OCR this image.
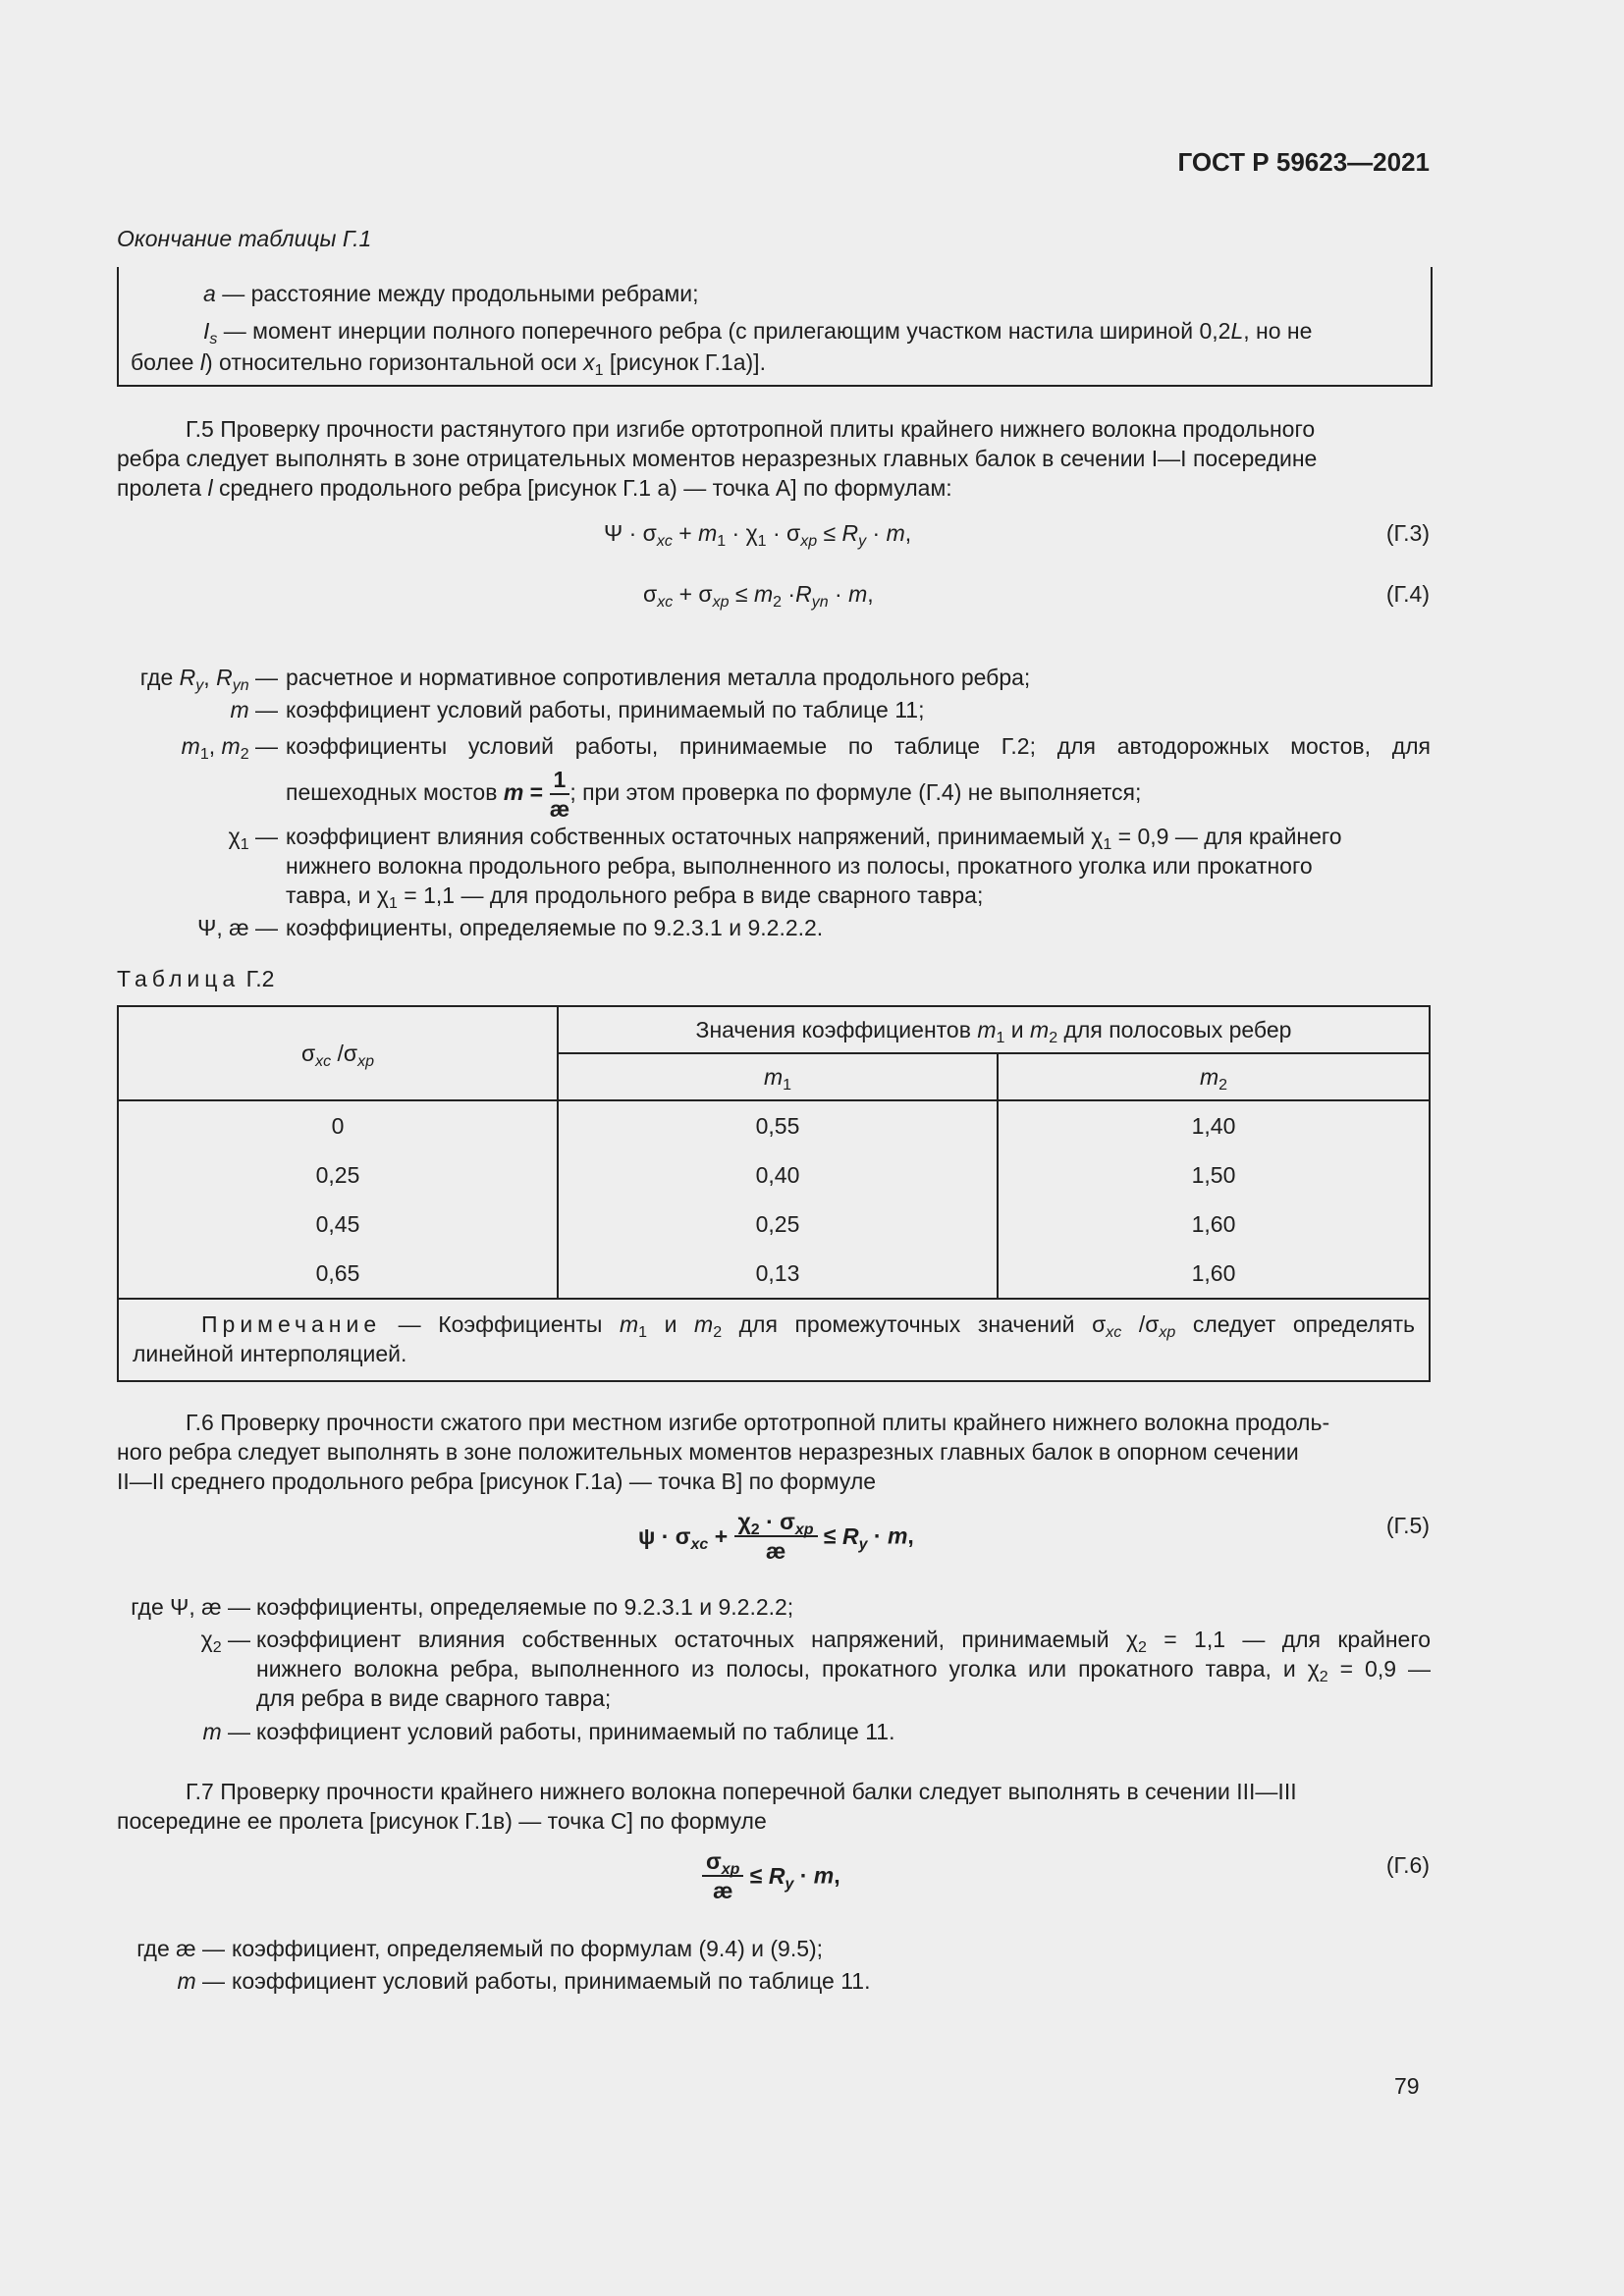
ГОСТ Р 59623—2021
Окончание таблицы Г.1

a — расстояние между продольными ребрами;

$I_s$ — момент инерции полного поперечного ребра (с прилегающим участком настила шириной 0,2L, но не

более l) относительно горизонтальной оси $x_1$ [рисунок Г.1а)].

Г.5 Проверку прочности растянутого при изгибе ортотропной плиты крайнего нижнего волокна продольного
ребра следует выполнять в зоне отрицательных моментов неразрезных главных балок в сечении I—I посередине
пролета l среднего продольного ребра [рисунок Г.1 а) — точка А] по формулам:
$\Psi \cdot \sigma_{xc} + m_1 \cdot \chi_1 \cdot \sigma_{xp} \le R_y \cdot m$,	(Г.3)
$\sigma_{xc} + \sigma_{xp} \le m_2 \cdot R_{yn} \cdot m$,	(Г.4)
где $R_y$, $R_{yn}$ — расчетное и нормативное сопротивления металла продольного ребра;
m — коэффициент условий работы, принимаемый по таблице 11;
$m_1$, $m_2$ — коэффициенты условий работы, принимаемые по таблице Г.2; для автодорожных мостов, для
пешеходных мостов $m = \frac{1}{æ}$ ; при этом проверка по формуле (Г.4) не выполняется;
$\chi_1$ — коэффициент влияния собственных остаточных напряжений, принимаемый $\chi_1 = 0,9$ — для крайнего
нижнего волокна продольного ребра, выполненного из полосы, прокатного уголка или прокатного
тавра, и $\chi_1 = 1,1$ — для продольного ребра в виде сварного тавра;
Ψ, æ — коэффициенты, определяемые по 9.2.3.1 и 9.2.2.2.
Таблица Г.2
$\sigma_{xc}$ $/\sigma_{xp}$	Значения коэффициентов $m_1$ и $m_2$ для полосовых ребер	
	$m_1$	$m_2$
0	0,55	1,40
0,25	0,40	1,50
0,45	0,25	1,60
0,65	0,13	1,60

Примечание — Коэффициенты $m_1$ и $m_2$ для промежуточных значений $\sigma_{xc}$ $/\sigma_{xp}$ следует определять
линейной интерполяцией.		
Г.6 Проверку прочности сжатого при местном изгибе ортотропной плиты крайнего нижнего волокна продоль-
ного ребра следует выполнять в зоне положительных моментов неразрезных главных балок в опорном сечении
II—II среднего продольного ребра [рисунок Г.1а) — точка В] по формуле
$\psi \cdot \sigma_{xc} + \frac{\chi_2 \cdot \sigma_{xp}}{æ} \le R_y \cdot m$,	(Г.5)
где Ψ, æ — коэффициенты, определяемые по 9.2.3.1 и 9.2.2.2;
$\chi_2$ — коэффициент влияния собственных остаточных напряжений, принимаемый $\chi_2 = 1,1$ — для крайнего
нижнего волокна ребра, выполненного из полосы, прокатного уголка или прокатного тавра, и $\chi_2 = 0,9$ —
для ребра в виде сварного тавра;
m — коэффициент условий работы, принимаемый по таблице 11.
Г.7 Проверку прочности крайнего нижнего волокна поперечной балки следует выполнять в сечении III—III
посередине ее пролета [рисунок Г.1в) — точка С] по формуле
$\frac{\sigma_{xp}}{æ} \le R_y \cdot m$,	(Г.6)
где æ — коэффициент, определяемый по формулам (9.4) и (9.5);
m — коэффициент условий работы, принимаемый по таблице 11.
79
